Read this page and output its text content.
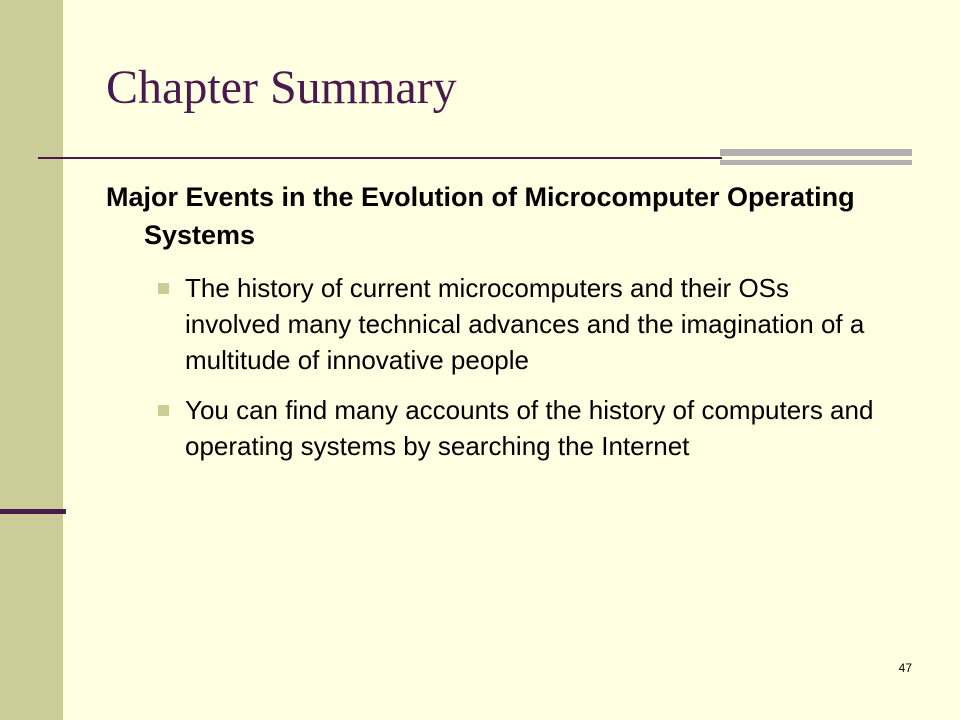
Chapter Summary

Major Events in the Evolution of Microcomputer Operating Systems

The history of current microcomputers and their OSs involved many technical advances and the imagination of a multitude of innovative people
You can find many accounts of the history of computers and operating systems by searching the Internet
47
